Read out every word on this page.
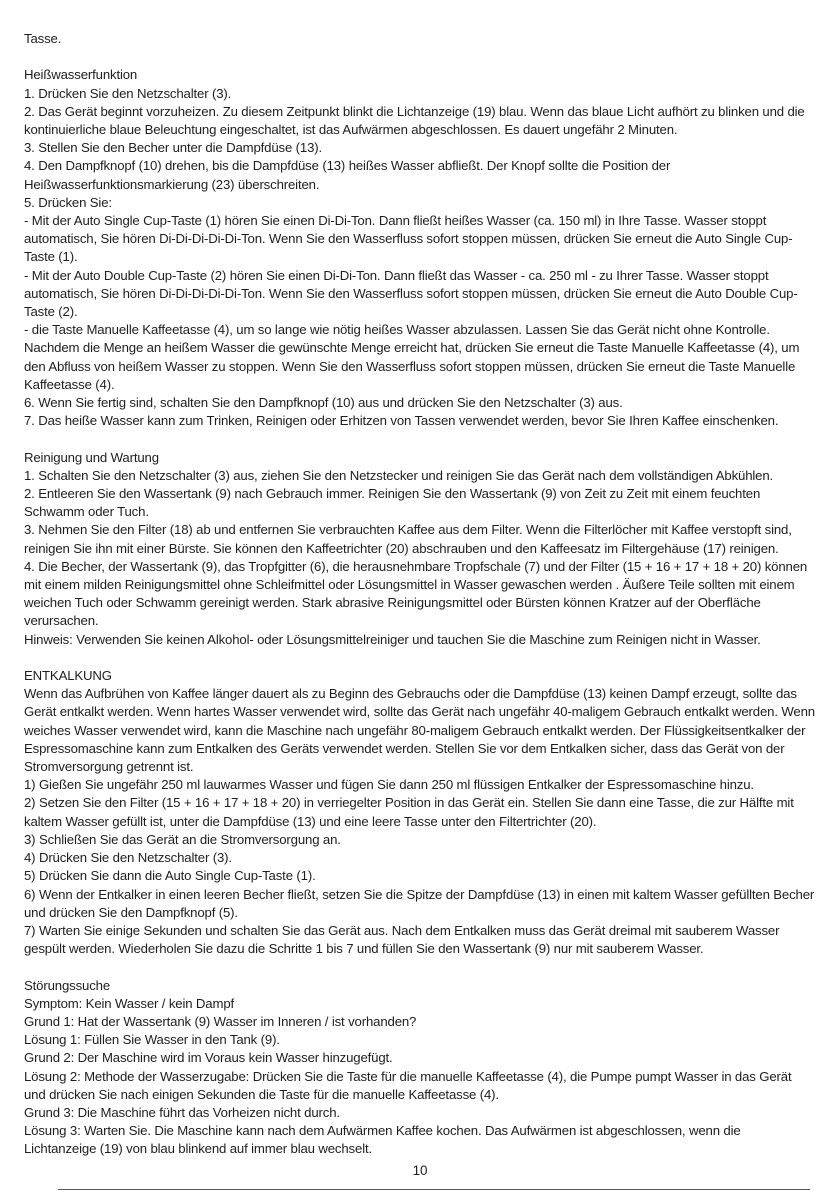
Tasse.
Heißwasserfunktion
1. Drücken Sie den Netzschalter (3).
2. Das Gerät beginnt vorzuheizen. Zu diesem Zeitpunkt blinkt die Lichtanzeige (19) blau. Wenn das blaue Licht aufhört zu blinken und die kontinuierliche blaue Beleuchtung eingeschaltet, ist das Aufwärmen abgeschlossen. Es dauert ungefähr 2 Minuten.
3. Stellen Sie den Becher unter die Dampfdüse (13).
4. Den Dampfknopf (10) drehen, bis die Dampfdüse (13) heißes Wasser abfließt. Der Knopf sollte die Position der Heißwasserfunktionsmarkierung (23) überschreiten.
5. Drücken Sie:
- Mit der Auto Single Cup-Taste (1) hören Sie einen Di-Di-Ton. Dann fließt heißes Wasser (ca. 150 ml) in Ihre Tasse. Wasser stoppt automatisch, Sie hören Di-Di-Di-Di-Di-Ton. Wenn Sie den Wasserfluss sofort stoppen müssen, drücken Sie erneut die Auto Single Cup-Taste (1).
- Mit der Auto Double Cup-Taste (2) hören Sie einen Di-Di-Ton. Dann fließt das Wasser - ca. 250 ml - zu Ihrer Tasse. Wasser stoppt automatisch, Sie hören Di-Di-Di-Di-Di-Ton. Wenn Sie den Wasserfluss sofort stoppen müssen, drücken Sie erneut die Auto Double Cup-Taste (2).
- die Taste Manuelle Kaffeetasse (4), um so lange wie nötig heißes Wasser abzulassen. Lassen Sie das Gerät nicht ohne Kontrolle. Nachdem die Menge an heißem Wasser die gewünschte Menge erreicht hat, drücken Sie erneut die Taste Manuelle Kaffeetasse (4), um den Abfluss von heißem Wasser zu stoppen. Wenn Sie den Wasserfluss sofort stoppen müssen, drücken Sie erneut die Taste Manuelle Kaffeetasse (4).
6. Wenn Sie fertig sind, schalten Sie den Dampfknopf (10) aus und drücken Sie den Netzschalter (3) aus.
7. Das heiße Wasser kann zum Trinken, Reinigen oder Erhitzen von Tassen verwendet werden, bevor Sie Ihren Kaffee einschenken.
Reinigung und Wartung
1. Schalten Sie den Netzschalter (3) aus, ziehen Sie den Netzstecker und reinigen Sie das Gerät nach dem vollständigen Abkühlen.
2. Entleeren Sie den Wassertank (9) nach Gebrauch immer. Reinigen Sie den Wassertank (9) von Zeit zu Zeit mit einem feuchten Schwamm oder Tuch.
3. Nehmen Sie den Filter (18) ab und entfernen Sie verbrauchten Kaffee aus dem Filter. Wenn die Filterlöcher mit Kaffee verstopft sind, reinigen Sie ihn mit einer Bürste. Sie können den Kaffeetrichter (20) abschrauben und den Kaffeesatz im Filtergehäuse (17) reinigen.
4. Die Becher, der Wassertank (9), das Tropfgitter (6), die herausnehmbare Tropfschale (7) und der Filter (15 + 16 + 17 + 18 + 20) können mit einem milden Reinigungsmittel ohne Schleifmittel oder Lösungsmittel in Wasser gewaschen werden . Äußere Teile sollten mit einem weichen Tuch oder Schwamm gereinigt werden. Stark abrasive Reinigungsmittel oder Bürsten können Kratzer auf der Oberfläche verursachen.
Hinweis: Verwenden Sie keinen Alkohol- oder Lösungsmittelreiniger und tauchen Sie die Maschine zum Reinigen nicht in Wasser.
ENTKALKUNG
Wenn das Aufbrühen von Kaffee länger dauert als zu Beginn des Gebrauchs oder die Dampfdüse (13) keinen Dampf erzeugt, sollte das Gerät entkalkt werden. Wenn hartes Wasser verwendet wird, sollte das Gerät nach ungefähr 40-maligem Gebrauch entkalkt werden. Wenn weiches Wasser verwendet wird, kann die Maschine nach ungefähr 80-maligem Gebrauch entkalkt werden. Der Flüssigkeitsentkalker der Espressomaschine kann zum Entkalken des Geräts verwendet werden. Stellen Sie vor dem Entkalken sicher, dass das Gerät von der Stromversorgung getrennt ist.
1) Gießen Sie ungefähr 250 ml lauwarmes Wasser und fügen Sie dann 250 ml flüssigen Entkalker der Espressomaschine hinzu.
2) Setzen Sie den Filter (15 + 16 + 17 + 18 + 20) in verriegelter Position in das Gerät ein. Stellen Sie dann eine Tasse, die zur Hälfte mit kaltem Wasser gefüllt ist, unter die Dampfdüse (13) und eine leere Tasse unter den Filtertrichter (20).
3) Schließen Sie das Gerät an die Stromversorgung an.
4) Drücken Sie den Netzschalter (3).
5) Drücken Sie dann die Auto Single Cup-Taste (1).
6) Wenn der Entkalker in einen leeren Becher fließt, setzen Sie die Spitze der Dampfdüse (13) in einen mit kaltem Wasser gefüllten Becher und drücken Sie den Dampfknopf (5).
7) Warten Sie einige Sekunden und schalten Sie das Gerät aus. Nach dem Entkalken muss das Gerät dreimal mit sauberem Wasser gespült werden. Wiederholen Sie dazu die Schritte 1 bis 7 und füllen Sie den Wassertank (9) nur mit sauberem Wasser.
Störungssuche
Symptom: Kein Wasser / kein Dampf
Grund 1: Hat der Wassertank (9) Wasser im Inneren / ist vorhanden?
Lösung 1: Füllen Sie Wasser in den Tank (9).
Grund 2: Der Maschine wird im Voraus kein Wasser hinzugefügt.
Lösung 2: Methode der Wasserzugabe: Drücken Sie die Taste für die manuelle Kaffeetasse (4), die Pumpe pumpt Wasser in das Gerät und drücken Sie nach einigen Sekunden die Taste für die manuelle Kaffeetasse (4).
Grund 3: Die Maschine führt das Vorheizen nicht durch.
Lösung 3: Warten Sie. Die Maschine kann nach dem Aufwärmen Kaffee kochen. Das Aufwärmen ist abgeschlossen, wenn die Lichtanzeige (19) von blau blinkend auf immer blau wechselt.
10
